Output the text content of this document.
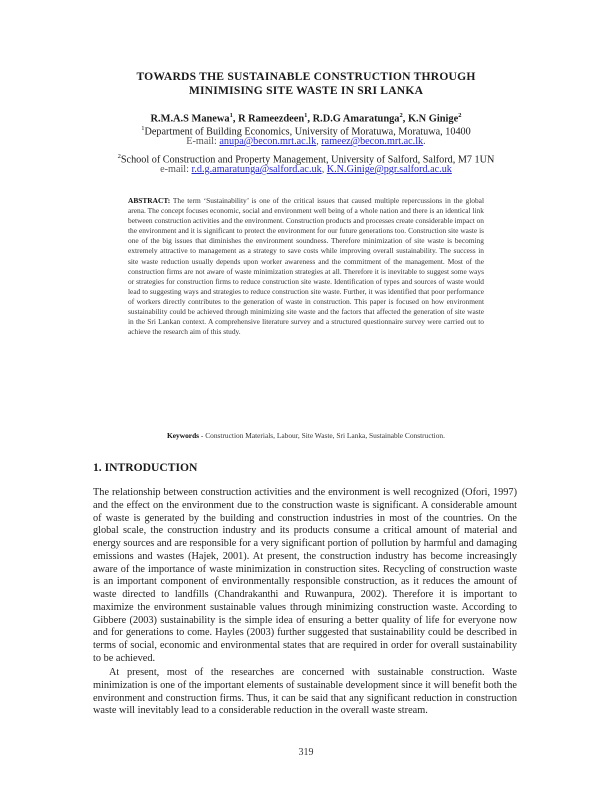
TOWARDS THE SUSTAINABLE CONSTRUCTION THROUGH
MINIMISING SITE WASTE IN SRI LANKA
R.M.A.S Manewa$^1$, R Rameezdeen$^1$, R.D.G Amaratunga$^2$, K.N Ginige$^2$
$^1$Department of Building Economics, University of Moratuwa, Moratuwa, 10400
E-mail: anupa@becon.mrt.ac.lk, rameez@becon.mrt.ac.lk.
$^2$School of Construction and Property Management, University of Salford, Salford, M7 1UN
e-mail: r.d.g.amaratunga@salford.ac.uk, K.N.Ginige@pgr.salford.ac.uk
ABSTRACT: The term ‘Sustainability’ is one of the critical issues that caused multiple repercussions in the global arena. The concept focuses economic, social and environment well being of a whole nation and there is an identical link between construction activities and the environment. Construction products and processes create considerable impact on the environment and it is significant to protect the environment for our future generations too. Construction site waste is one of the big issues that diminishes the environment soundness. Therefore minimization of site waste is becoming extremely attractive to management as a strategy to save costs while improving overall sustainability. The success in site waste reduction usually depends upon worker awareness and the commitment of the management. Most of the construction firms are not aware of waste minimization strategies at all. Therefore it is inevitable to suggest some ways or strategies for construction firms to reduce construction site waste. Identification of types and sources of waste would lead to suggesting ways and strategies to reduce construction site waste. Further, it was identified that poor performance of workers directly contributes to the generation of waste in construction. This paper is focused on how environment sustainability could be achieved through minimizing site waste and the factors that affected the generation of site waste in the Sri Lankan context. A comprehensive literature survey and a structured questionnaire survey were carried out to achieve the research aim of this study.
Keywords - Construction Materials, Labour, Site Waste, Sri Lanka, Sustainable Construction.
1. INTRODUCTION
The relationship between construction activities and the environment is well recognized (Ofori, 1997) and the effect on the environment due to the construction waste is significant. A considerable amount of waste is generated by the building and construction industries in most of the countries. On the global scale, the construction industry and its products consume a critical amount of material and energy sources and are responsible for a very significant portion of pollution by harmful and damaging emissions and wastes (Hajek, 2001). At present, the construction industry has become increasingly aware of the importance of waste minimization in construction sites. Recycling of construction waste is an important component of environmentally responsible construction, as it reduces the amount of waste directed to landfills (Chandrakanthi and Ruwanpura, 2002). Therefore it is important to maximize the environment sustainable values through minimizing construction waste. According to Gibbere (2003) sustainability is the simple idea of ensuring a better quality of life for everyone now and for generations to come. Hayles (2003) further suggested that sustainability could be described in terms of social, economic and environmental states that are required in order for overall sustainability to be achieved.
At present, most of the researches are concerned with sustainable construction. Waste minimization is one of the important elements of sustainable development since it will benefit both the environment and construction firms. Thus, it can be said that any significant reduction in construction waste will inevitably lead to a considerable reduction in the overall waste stream.
319
